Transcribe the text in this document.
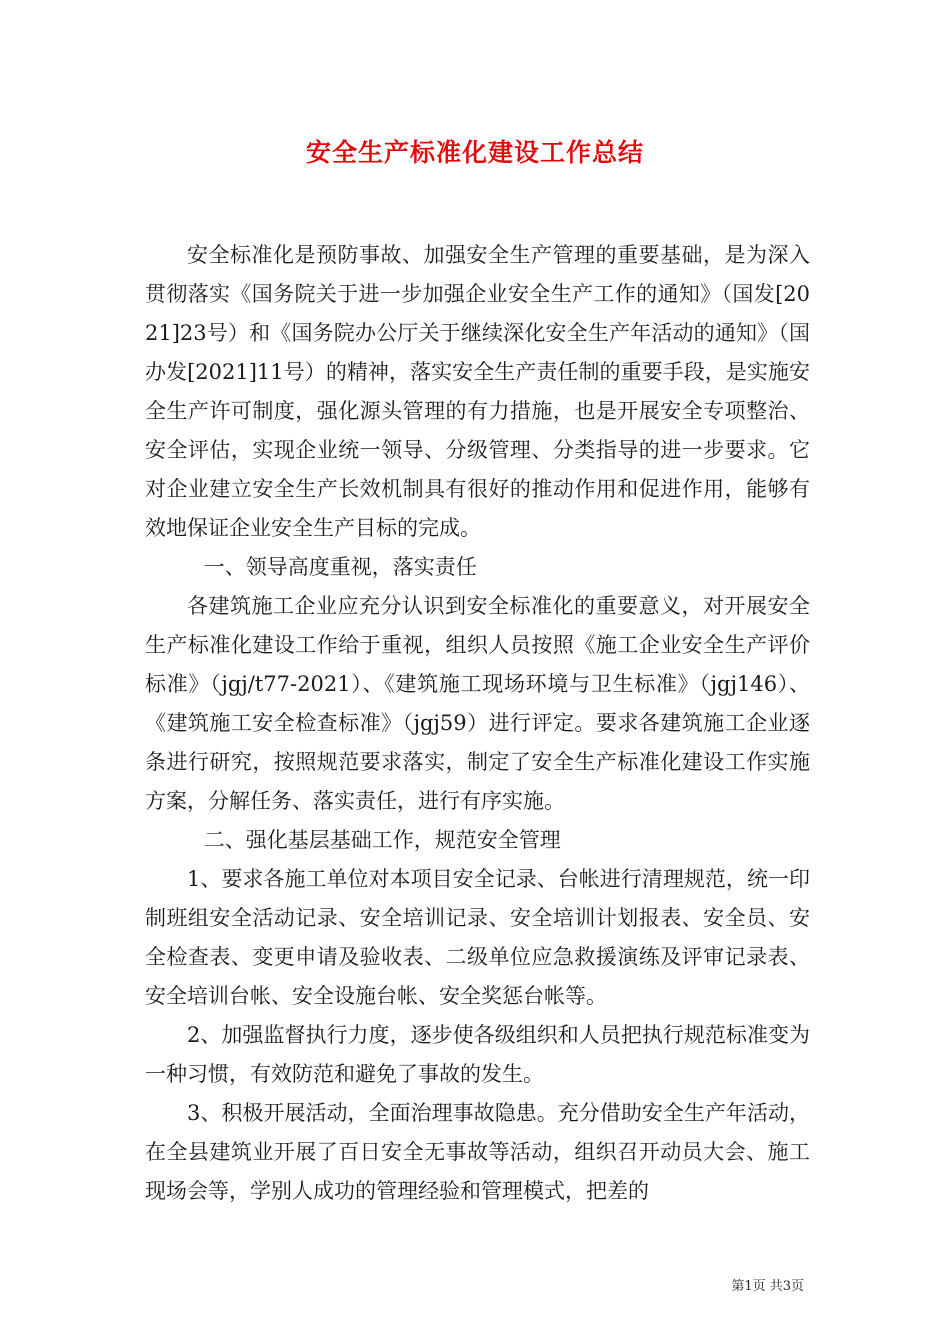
安全生产标准化建设工作总结

安全标准化是预防事故、加强安全生产管理的重要基础，是为深入贯彻落实《国务院关于进一步加强企业安全生产工作的通知》（国发[2021]23号）和《国务院办公厅关于继续深化安全生产年活动的通知》（国办发[2021]11号）的精神，落实安全生产责任制的重要手段，是实施安全生产许可制度，强化源头管理的有力措施，也是开展安全专项整治、安全评估，实现企业统一领导、分级管理、分类指导的进一步要求。它对企业建立安全生产长效机制具有很好的推动作用和促进作用，能够有效地保证企业安全生产目标的完成。

一、领导高度重视，落实责任

各建筑施工企业应充分认识到安全标准化的重要意义，对开展安全生产标准化建设工作给于重视，组织人员按照《施工企业安全生产评价标准》（jgj/t77-2021）、《建筑施工现场环境与卫生标准》（jgj146）、《建筑施工安全检查标准》（jgj59）进行评定。要求各建筑施工企业逐条进行研究，按照规范要求落实，制定了安全生产标准化建设工作实施方案，分解任务、落实责任，进行有序实施。

二、强化基层基础工作，规范安全管理

1、要求各施工单位对本项目安全记录、台帐进行清理规范，统一印制班组安全活动记录、安全培训记录、安全培训计划报表、安全员、安全检查表、变更申请及验收表、二级单位应急救援演练及评审记录表、安全培训台帐、安全设施台帐、安全奖惩台帐等。

2、加强监督执行力度，逐步使各级组织和人员把执行规范标准变为一种习惯，有效防范和避免了事故的发生。

3、积极开展活动，全面治理事故隐患。充分借助安全生产年活动，在全县建筑业开展了百日安全无事故等活动，组织召开动员大会、施工现场会等，学别人成功的管理经验和管理模式，把差的

第1页 共3页
